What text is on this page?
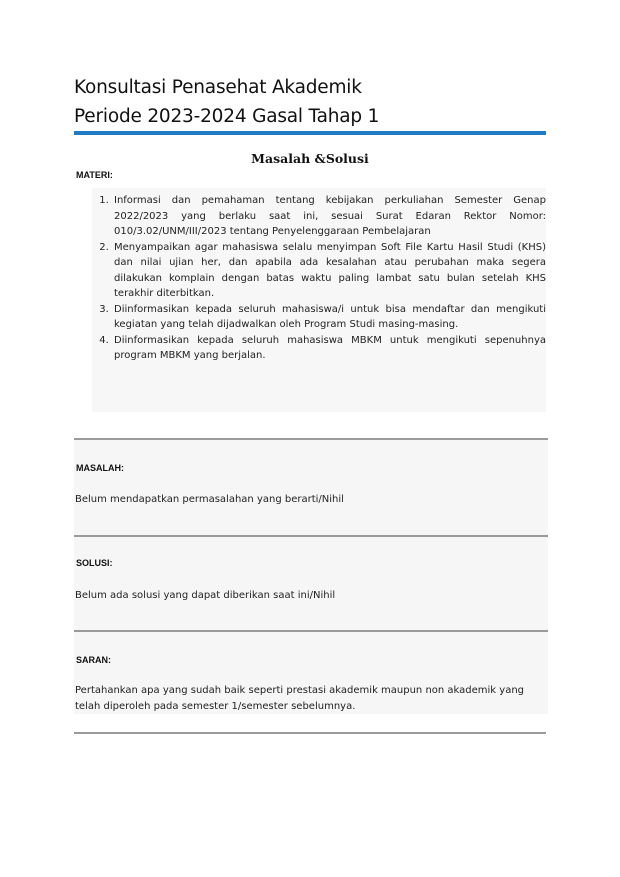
Konsultasi Penasehat Akademik
Periode 2023-2024 Gasal Tahap 1
Masalah &Solusi
MATERI:
1. Informasi dan pemahaman tentang kebijakan perkuliahan Semester Genap 2022/2023 yang berlaku saat ini, sesuai Surat Edaran Rektor Nomor: 010/3.02/UNM/III/2023 tentang Penyelenggaraan Pembelajaran
2. Menyampaikan agar mahasiswa selalu menyimpan Soft File Kartu Hasil Studi (KHS) dan nilai ujian her, dan apabila ada kesalahan atau perubahan maka segera dilakukan komplain dengan batas waktu paling lambat satu bulan setelah KHS terakhir diterbitkan.
3. Diinformasikan kepada seluruh mahasiswa/i untuk bisa mendaftar dan mengikuti kegiatan yang telah dijadwalkan oleh Program Studi masing-masing.
4. Diinformasikan kepada seluruh mahasiswa MBKM untuk mengikuti sepenuhnya program MBKM yang berjalan.
MASALAH:
Belum mendapatkan permasalahan yang berarti/Nihil
SOLUSI:
Belum ada solusi yang dapat diberikan saat ini/Nihil
SARAN:
Pertahankan apa yang sudah baik seperti prestasi akademik maupun non akademik yang telah diperoleh pada semester 1/semester sebelumnya.
